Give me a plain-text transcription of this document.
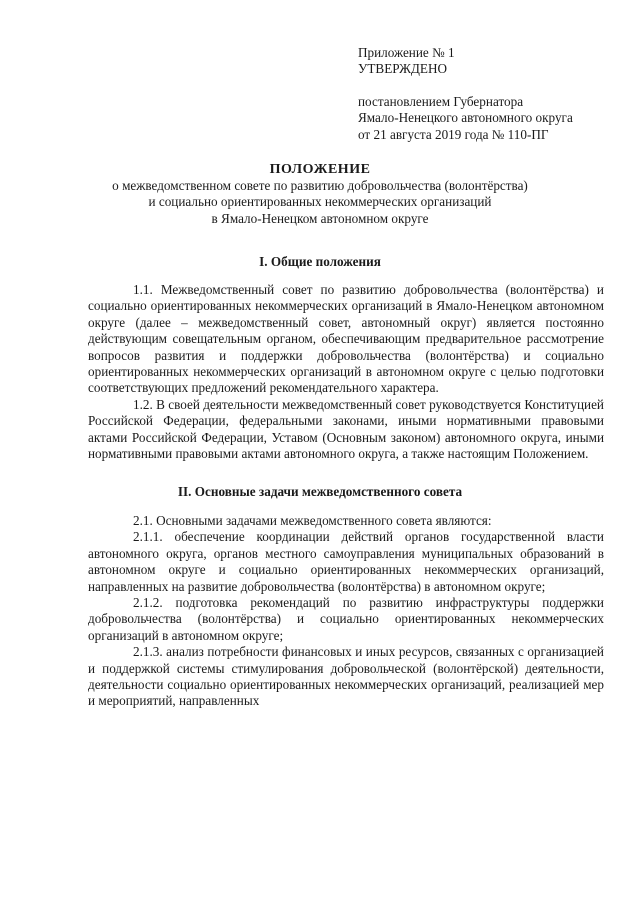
Приложение № 1
УТВЕРЖДЕНО
постановлением Губернатора
Ямало-Ненецкого автономного округа
от 21 августа 2019 года № 110-ПГ
ПОЛОЖЕНИЕ
о межведомственном совете по развитию добровольчества (волонтёрства)
и социально ориентированных некоммерческих организаций
в Ямало-Ненецком автономном округе
I. Общие положения

1.1. Межведомственный совет по развитию добровольчества (волонтёрства) и социально ориентированных некоммерческих организаций в Ямало-Ненецком автономном округе (далее – межведомственный совет, автономный округ) является постоянно действующим совещательным органом, обеспечивающим предварительное рассмотрение вопросов развития и поддержки добровольчества (волонтёрства) и социально ориентированных некоммерческих организаций в автономном округе с целью подготовки соответствующих предложений рекомендательного характера.

1.2. В своей деятельности межведомственный совет руководствуется Конституцией Российской Федерации, федеральными законами, иными нормативными правовыми актами Российской Федерации, Уставом (Основным законом) автономного округа, иными нормативными правовыми актами автономного округа, а также настоящим Положением.

II. Основные задачи межведомственного совета

2.1. Основными задачами межведомственного совета являются:

2.1.1. обеспечение координации действий органов государственной власти автономного округа, органов местного самоуправления муниципальных образований в автономном округе и социально ориентированных некоммерческих организаций, направленных на развитие добровольчества (волонтёрства) в автономном округе;

2.1.2. подготовка рекомендаций по развитию инфраструктуры поддержки добровольчества (волонтёрства) и социально ориентированных некоммерческих организаций в автономном округе;

2.1.3. анализ потребности финансовых и иных ресурсов, связанных с организацией и поддержкой системы стимулирования добровольческой (волонтёрской) деятельности, деятельности социально ориентированных некоммерческих организаций, реализацией мер и мероприятий, направленных
